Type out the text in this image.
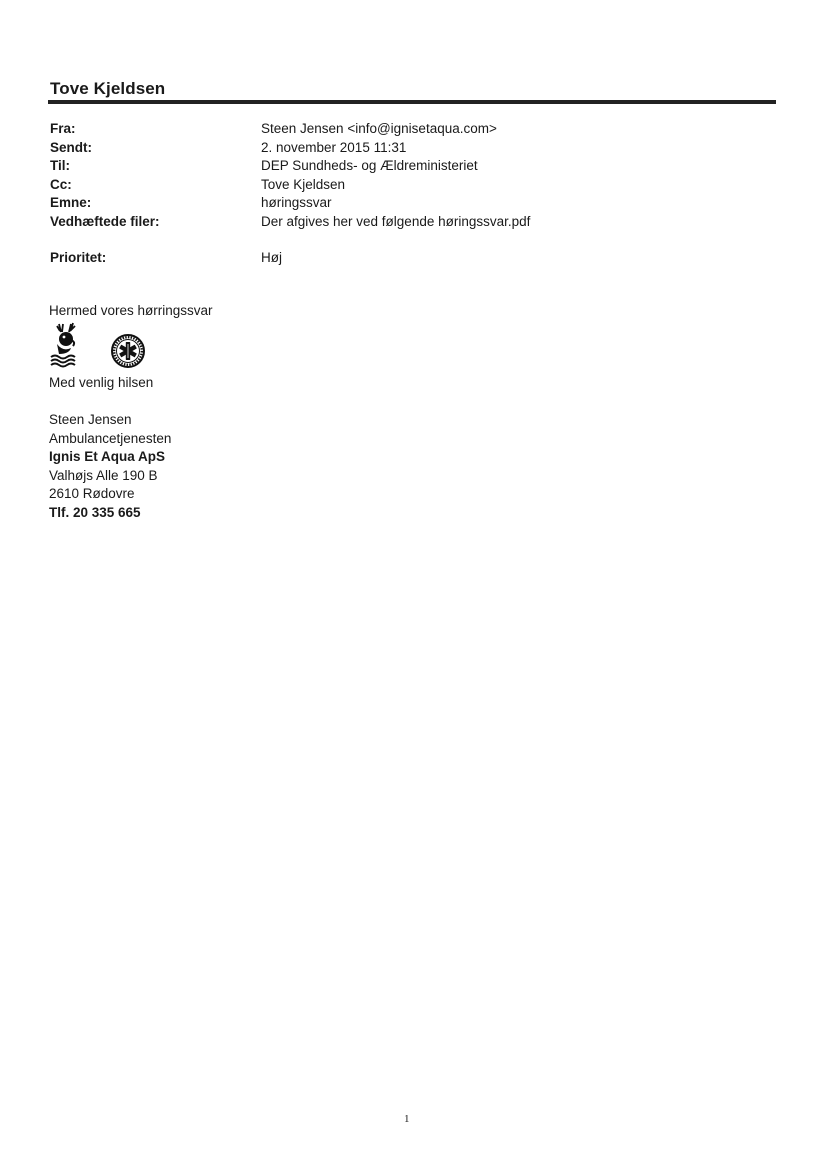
Tove Kjeldsen
Fra:	Steen Jensen <info@ignisetaqua.com>
Sendt:	2. november 2015 11:31
Til:	DEP Sundheds- og Ældreministeriet
Cc:	Tove Kjeldsen
Emne:	høringssvar
Vedhæftede filer:	Der afgives her ved følgende høringssvar.pdf
Prioritet:	Høj
Hermed vores hørringssvar
Med venlig hilsen
Steen Jensen
Ambulancetjenesten
Ignis Et Aqua ApS
Valhøjs Alle 190 B
2610 Rødovre
Tlf. 20 335 665
1
